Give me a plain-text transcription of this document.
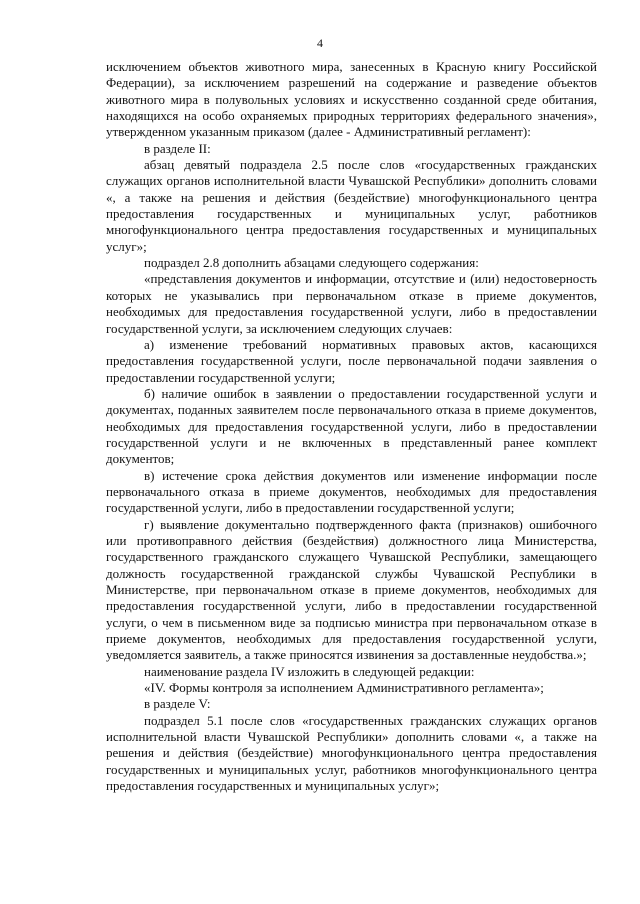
4

исключением объектов животного мира, занесенных в Красную книгу Российской Федерации), за исключением разрешений на содержание и разведение объектов животного мира в полувольных условиях и искусственно созданной среде обитания, находящихся на особо охраняемых природных территориях федерального значения», утвержденном указанным приказом (далее - Административный регламент):

в разделе II:

абзац девятый подраздела 2.5 после слов «государственных гражданских служащих органов исполнительной власти Чувашской Республики» дополнить словами «, а также на решения и действия (бездействие) многофункционального центра предоставления государственных и муниципальных услуг, работников многофункционального центра предоставления государственных и муниципальных услуг»;

подраздел 2.8 дополнить абзацами следующего содержания:

«представления документов и информации, отсутствие и (или) недостоверность которых не указывались при первоначальном отказе в приеме документов, необходимых для предоставления государственной услуги, либо в предоставлении государственной услуги, за исключением следующих случаев:

а) изменение требований нормативных правовых актов, касающихся предоставления государственной услуги, после первоначальной подачи заявления о предоставлении государственной услуги;

б) наличие ошибок в заявлении о предоставлении государственной услуги и документах, поданных заявителем после первоначального отказа в приеме документов, необходимых для предоставления государственной услуги, либо в предоставлении государственной услуги и не включенных в представленный ранее комплект документов;

в) истечение срока действия документов или изменение информации после первоначального отказа в приеме документов, необходимых для предоставления государственной услуги, либо в предоставлении государственной услуги;

г) выявление документально подтвержденного факта (признаков) ошибочного или противоправного действия (бездействия) должностного лица Министерства, государственного гражданского служащего Чувашской Республики, замещающего должность государственной гражданской службы Чувашской Республики в Министерстве, при первоначальном отказе в приеме документов, необходимых для предоставления государственной услуги, либо в предоставлении государственной услуги, о чем в письменном виде за подписью министра при первоначальном отказе в приеме документов, необходимых для предоставления государственной услуги, уведомляется заявитель, а также приносятся извинения за доставленные неудобства.»;

наименование раздела IV изложить в следующей редакции:

«IV. Формы контроля за исполнением Административного регламента»;

в разделе V:

подраздел 5.1 после слов «государственных гражданских служащих органов исполнительной власти Чувашской Республики» дополнить словами «, а также на решения и действия (бездействие) многофункционального центра предоставления государственных и муниципальных услуг, работников многофункционального центра предоставления государственных и муниципальных услуг»;
